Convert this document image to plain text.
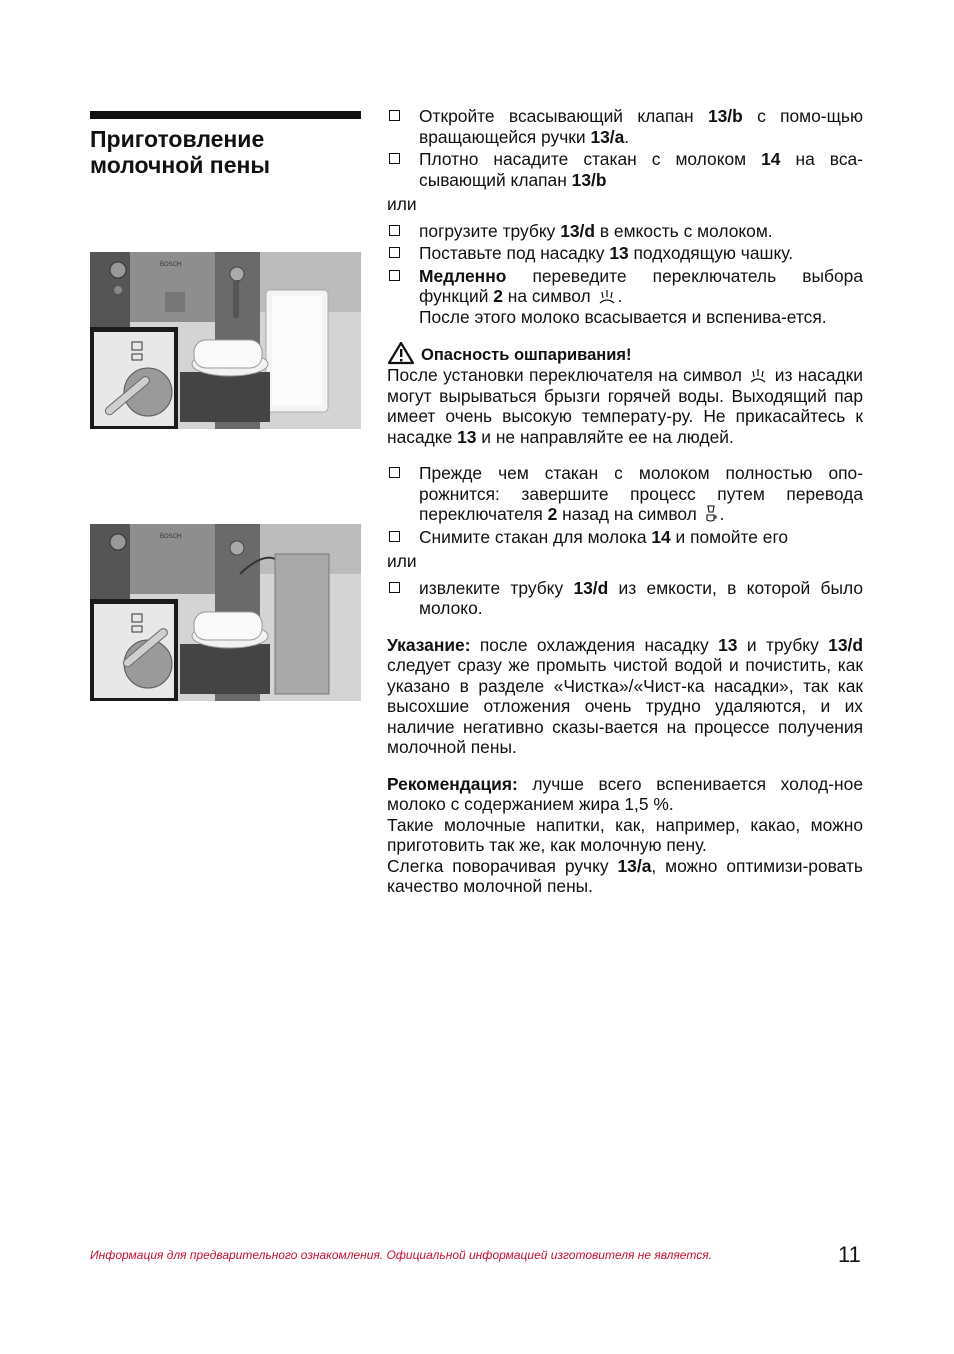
Приготовление
молочной пены
BOSCH
BOSCH
Откройте всасывающий клапан 13/b с помо-щью вращающейся ручки 13/a.
Плотно насадите стакан с молоком 14 на вса-сывающий клапан 13/b
или
погрузите трубку 13/d в емкость с молоком.
Поставьте под насадку 13 подходящую чашку.
Медленно переведите переключатель выбора функций 2 на символ .
После этого молоко всасывается и вспенива-ется.
Опасность ошпаривания!

После установки переключателя на символ  из насадки могут вырываться брызги горячей воды. Выходящий пар имеет очень высокую температу-ру. Не прикасайтесь к насадке 13 и не направляйте ее на людей.

Прежде чем стакан с молоком полностью опо-рожнится: завершите процесс путем перевода переключателя 2 назад на символ .
Снимите стакан для молока 14 и помойте его
или
извлеките трубку 13/d из емкости, в которой было молоко.

Указание: после охлаждения насадку 13 и трубку 13/d следует сразу же промыть чистой водой и почистить, как указано в разделе «Чистка»/«Чист-ка насадки», так как высохшие отложения очень трудно удаляются, и их наличие негативно сказы-вается на процессе получения молочной пены.

Рекомендация: лучше всего вспенивается холод-ное молоко с содержанием жира 1,5 %.

Такие молочные напитки, как, например, какао, можно приготовить так же, как молочную пену.

Слегка поворачивая ручку 13/a, можно оптимизи-ровать качество молочной пены.

Информация для предварительного ознакомления. Официальной информацией изготовителя не является.	11
